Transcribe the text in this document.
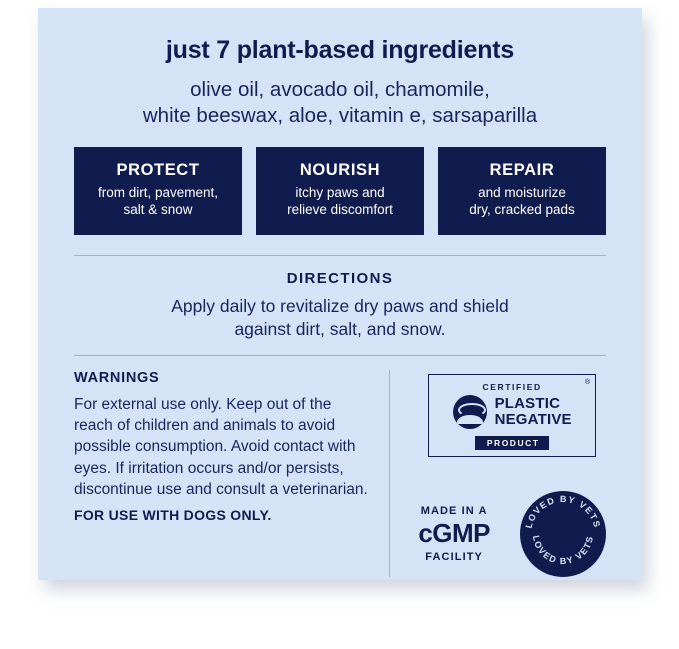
just 7 plant-based ingredients
olive oil, avocado oil, chamomile,
white beeswax, aloe, vitamin e, sarsaparilla
PROTECT
from dirt, pavement,
salt & snow
NOURISH
itchy paws and
relieve discomfort
REPAIR
and moisturize
dry, cracked pads
DIRECTIONS
Apply daily to revitalize dry paws and shield
against dirt, salt, and snow.
WARNINGS
For external use only. Keep out of the reach of children and animals to avoid possible consumption. Avoid contact with eyes. If irritation occurs and/or persists, discontinue use and consult a veterinarian.
FOR USE WITH DOGS ONLY.
®
CERTIFIED
PLASTIC
NEGATIVE
PRODUCT
MADE IN A
cGMP
FACILITY
LOVED BY VETS
LOVED BY VETS
